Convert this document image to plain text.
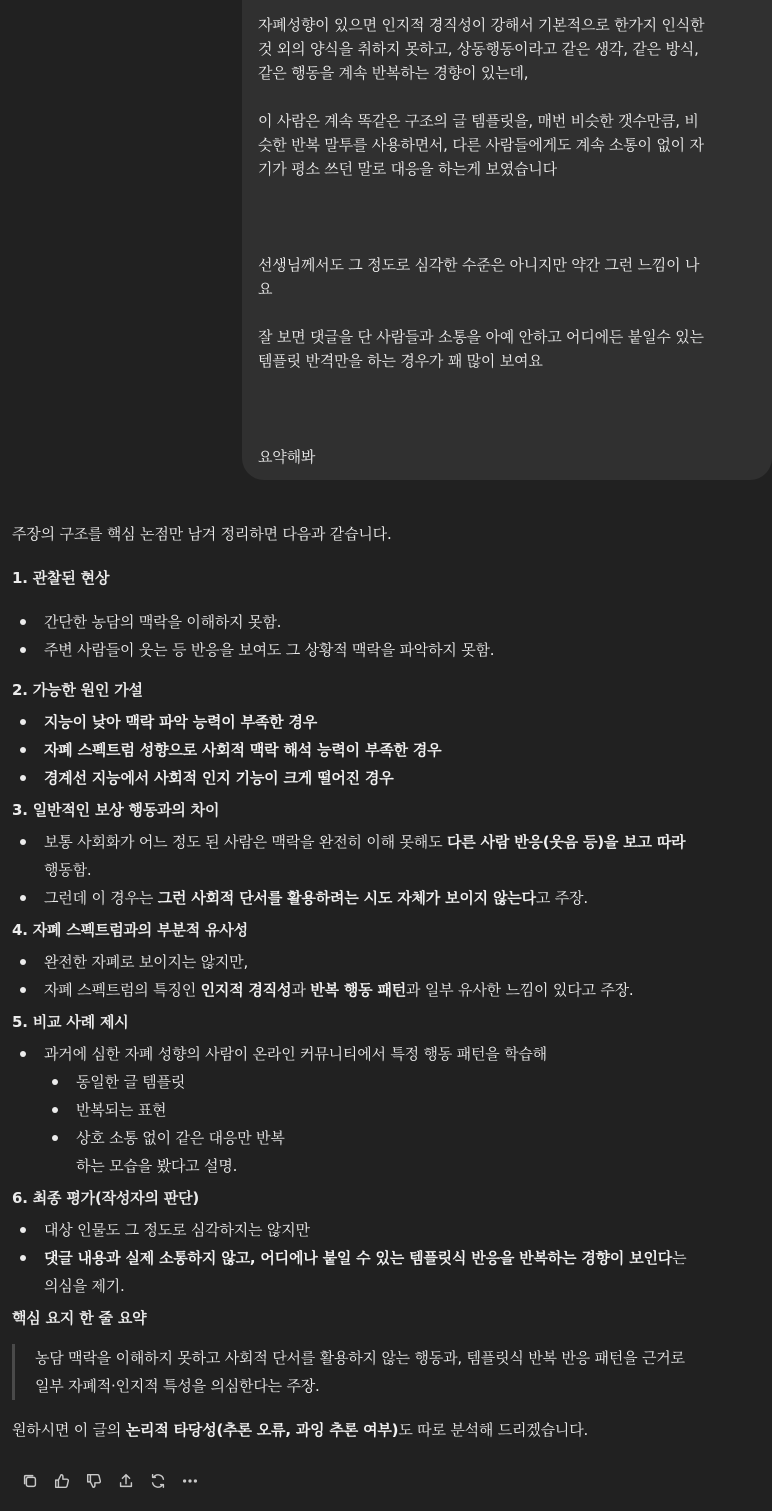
자폐성향이 있으면 인지적 경직성이 강해서 기본적으로 한가지 인식한

것 외의 양식을 취하지 못하고, 상동행동이라고 같은 생각, 같은 방식,

같은 행동을 계속 반복하는 경향이 있는데,

이 사람은 계속 똑같은 구조의 글 템플릿을, 매번 비슷한 갯수만큼, 비

슷한 반복 말투를 사용하면서, 다른 사람들에게도 계속 소통이 없이 자

기가 평소 쓰던 말로 대응을 하는게 보였습니다

선생님께서도 그 정도로 심각한 수준은 아니지만 약간 그런 느낌이 나

요

잘 보면 댓글을 단 사람들과 소통을 아예 안하고 어디에든 붙일수 있는

템플릿 반격만을 하는 경우가 꽤 많이 보여요

요약해봐

주장의 구조를 핵심 논점만 남겨 정리하면 다음과 같습니다.

1. 관찰된 현상

간단한 농담의 맥락을 이해하지 못함.
주변 사람들이 웃는 등 반응을 보여도 그 상황적 맥락을 파악하지 못함.

2. 가능한 원인 가설

지능이 낮아 맥락 파악 능력이 부족한 경우
자폐 스펙트럼 성향으로 사회적 맥락 해석 능력이 부족한 경우
경계선 지능에서 사회적 인지 기능이 크게 떨어진 경우

3. 일반적인 보상 행동과의 차이

보통 사회화가 어느 정도 된 사람은 맥락을 완전히 이해 못해도 다른 사람 반응(웃음 등)을 보고 따라
행동함.
그런데 이 경우는 그런 사회적 단서를 활용하려는 시도 자체가 보이지 않는다고 주장.

4. 자폐 스펙트럼과의 부분적 유사성

완전한 자폐로 보이지는 않지만,
자폐 스펙트럼의 특징인 인지적 경직성과 반복 행동 패턴과 일부 유사한 느낌이 있다고 주장.

5. 비교 사례 제시

과거에 심한 자폐 성향의 사람이 온라인 커뮤니티에서 특정 행동 패턴을 학습해
동일한 글 템플릿
반복되는 표현
상호 소통 없이 같은 대응만 반복
하는 모습을 봤다고 설명.

6. 최종 평가(작성자의 판단)

대상 인물도 그 정도로 심각하지는 않지만
댓글 내용과 실제 소통하지 않고, 어디에나 붙일 수 있는 템플릿식 반응을 반복하는 경향이 보인다는
의심을 제기.

핵심 요지 한 줄 요약

농담 맥락을 이해하지 못하고 사회적 단서를 활용하지 않는 행동과, 템플릿식 반복 반응 패턴을 근거로

일부 자폐적·인지적 특성을 의심한다는 주장.

원하시면 이 글의 논리적 타당성(추론 오류, 과잉 추론 여부)도 따로 분석해 드리겠습니다.
